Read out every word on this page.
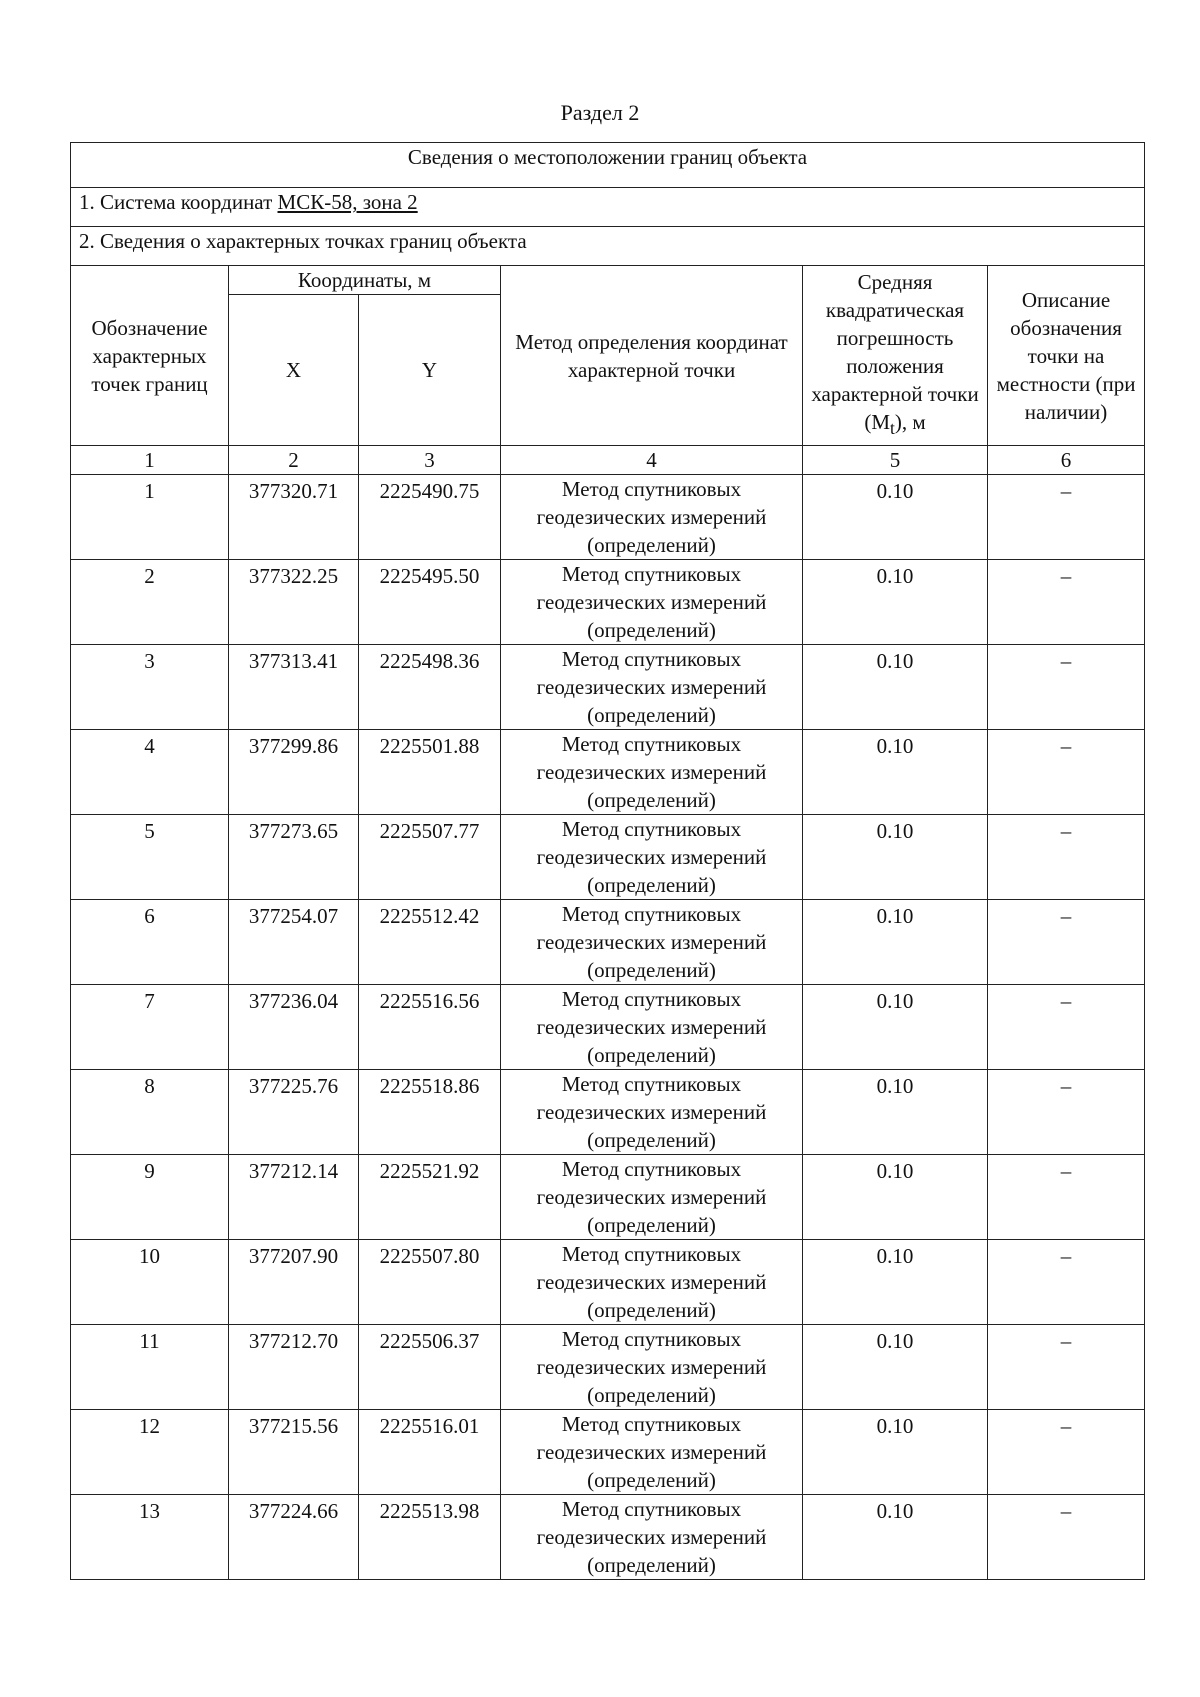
Раздел 2
Сведения о местоположении границ объекта					
1. Система координат МСК-58, зона 2					
2. Сведения о характерных точках границ объекта					
Обозначение характерных точек границ	Координаты, м		Метод определения координат характерной точки	Средняя квадратическая погрешность положения характерной точки $(M_t)$, м	Описание обозначения точки на местности (при наличии)
	X	Y			
1	2	3	4	5	6
1	377320.71	2225490.75	Метод спутниковых геодезических измерений (определений)	0.10	–
2	377322.25	2225495.50	Метод спутниковых геодезических измерений (определений)	0.10	–
3	377313.41	2225498.36	Метод спутниковых геодезических измерений (определений)	0.10	–
4	377299.86	2225501.88	Метод спутниковых геодезических измерений (определений)	0.10	–
5	377273.65	2225507.77	Метод спутниковых геодезических измерений (определений)	0.10	–
6	377254.07	2225512.42	Метод спутниковых геодезических измерений (определений)	0.10	–
7	377236.04	2225516.56	Метод спутниковых геодезических измерений (определений)	0.10	–
8	377225.76	2225518.86	Метод спутниковых геодезических измерений (определений)	0.10	–
9	377212.14	2225521.92	Метод спутниковых геодезических измерений (определений)	0.10	–
10	377207.90	2225507.80	Метод спутниковых геодезических измерений (определений)	0.10	–
11	377212.70	2225506.37	Метод спутниковых геодезических измерений (определений)	0.10	–
12	377215.56	2225516.01	Метод спутниковых геодезических измерений (определений)	0.10	–
13	377224.66	2225513.98	Метод спутниковых геодезических измерений (определений)	0.10	–
